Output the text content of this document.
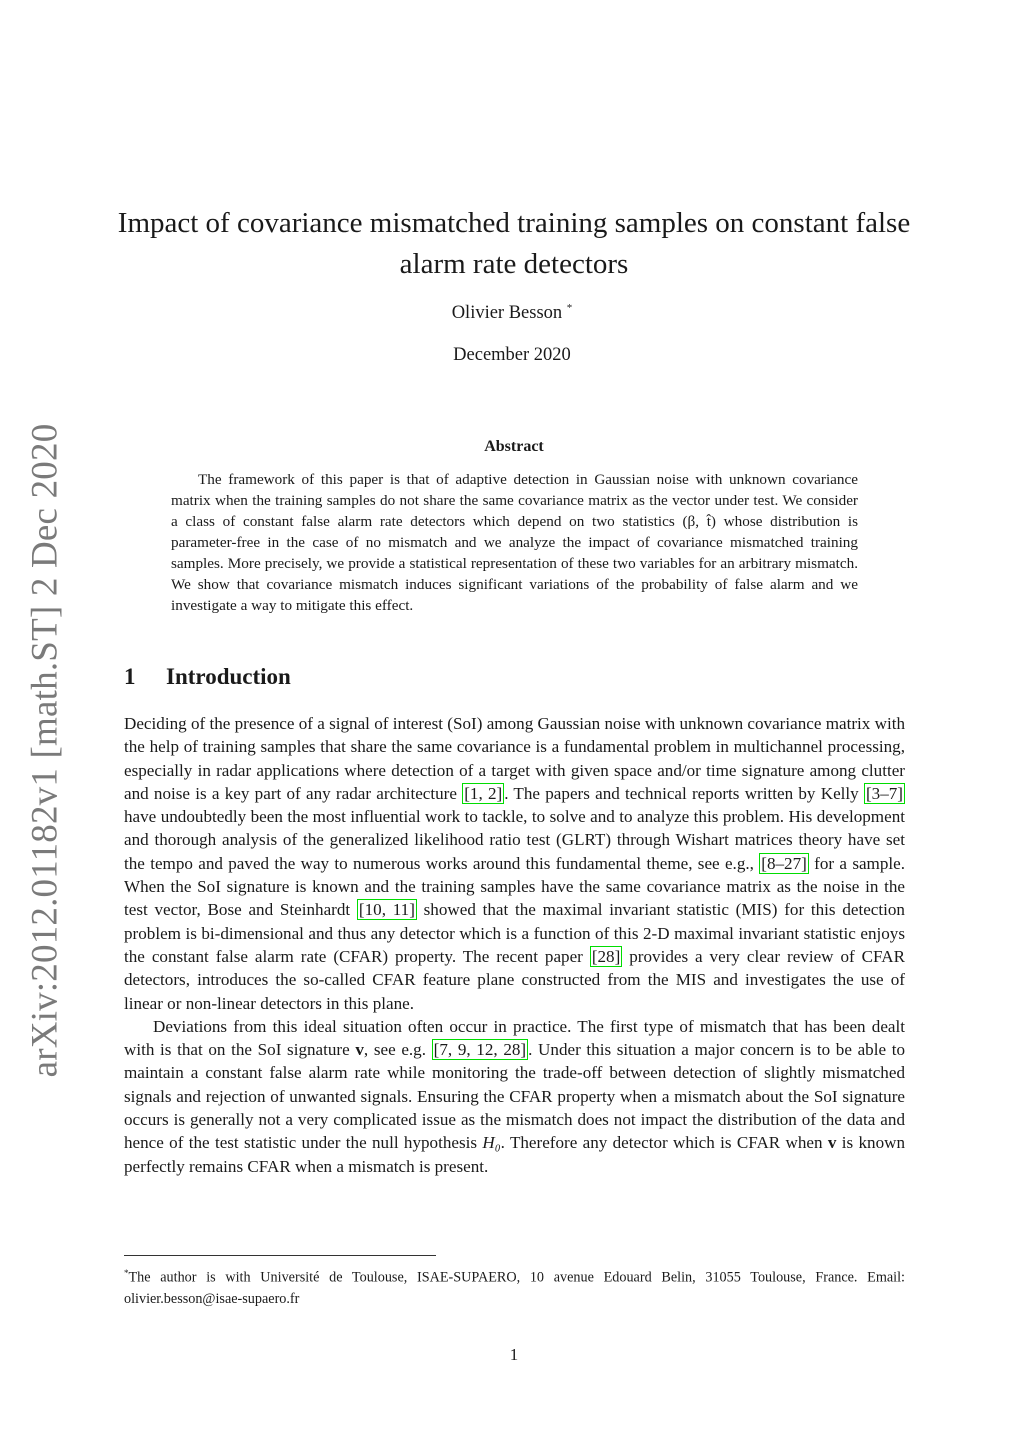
arXiv:2012.01182v1 [math.ST] 2 Dec 2020
Impact of covariance mismatched training samples on constant false alarm rate detectors
Olivier Besson *
December 2020
Abstract

The framework of this paper is that of adaptive detection in Gaussian noise with unknown covariance matrix when the training samples do not share the same covariance matrix as the vector under test. We consider a class of constant false alarm rate detectors which depend on two statistics (β, t̂) whose distribution is parameter-free in the case of no mismatch and we analyze the impact of covariance mismatched training samples. More precisely, we provide a statistical representation of these two variables for an arbitrary mismatch. We show that covariance mismatch induces significant variations of the probability of false alarm and we investigate a way to mitigate this effect.

1 Introduction

Deciding of the presence of a signal of interest (SoI) among Gaussian noise with unknown covariance matrix with the help of training samples that share the same covariance is a fundamental problem in multichannel processing, especially in radar applications where detection of a target with given space and/or time signature among clutter and noise is a key part of any radar architecture [1, 2] . The papers and technical reports written by Kelly [3–7] have undoubtedly been the most influential work to tackle, to solve and to analyze this problem. His development and thorough analysis of the generalized likelihood ratio test (GLRT) through Wishart matrices theory have set the tempo and paved the way to numerous works around this fundamental theme, see e.g., [8–27] for a sample. When the SoI signature is known and the training samples have the same covariance matrix as the noise in the test vector, Bose and Steinhardt [10, 11] showed that the maximal invariant statistic (MIS) for this detection problem is bi-dimensional and thus any detector which is a function of this 2-D maximal invariant statistic enjoys the constant false alarm rate (CFAR) property. The recent paper [28] provides a very clear review of CFAR detectors, introduces the so-called CFAR feature plane constructed from the MIS and investigates the use of linear or non-linear detectors in this plane.

Deviations from this ideal situation often occur in practice. The first type of mismatch that has been dealt with is that on the SoI signature v, see e.g. [7, 9, 12, 28] . Under this situation a major concern is to be able to maintain a constant false alarm rate while monitoring the trade-off between detection of slightly mismatched signals and rejection of unwanted signals. Ensuring the CFAR property when a mismatch about the SoI signature occurs is generally not a very complicated issue as the mismatch does not impact the distribution of the data and hence of the test statistic under the null hypothesis H₀. Therefore any detector which is CFAR when v is known perfectly remains CFAR when a mismatch is present.

*The author is with Université de Toulouse, ISAE-SUPAERO, 10 avenue Edouard Belin, 31055 Toulouse, France. Email: olivier.besson@isae-supaero.fr

1
